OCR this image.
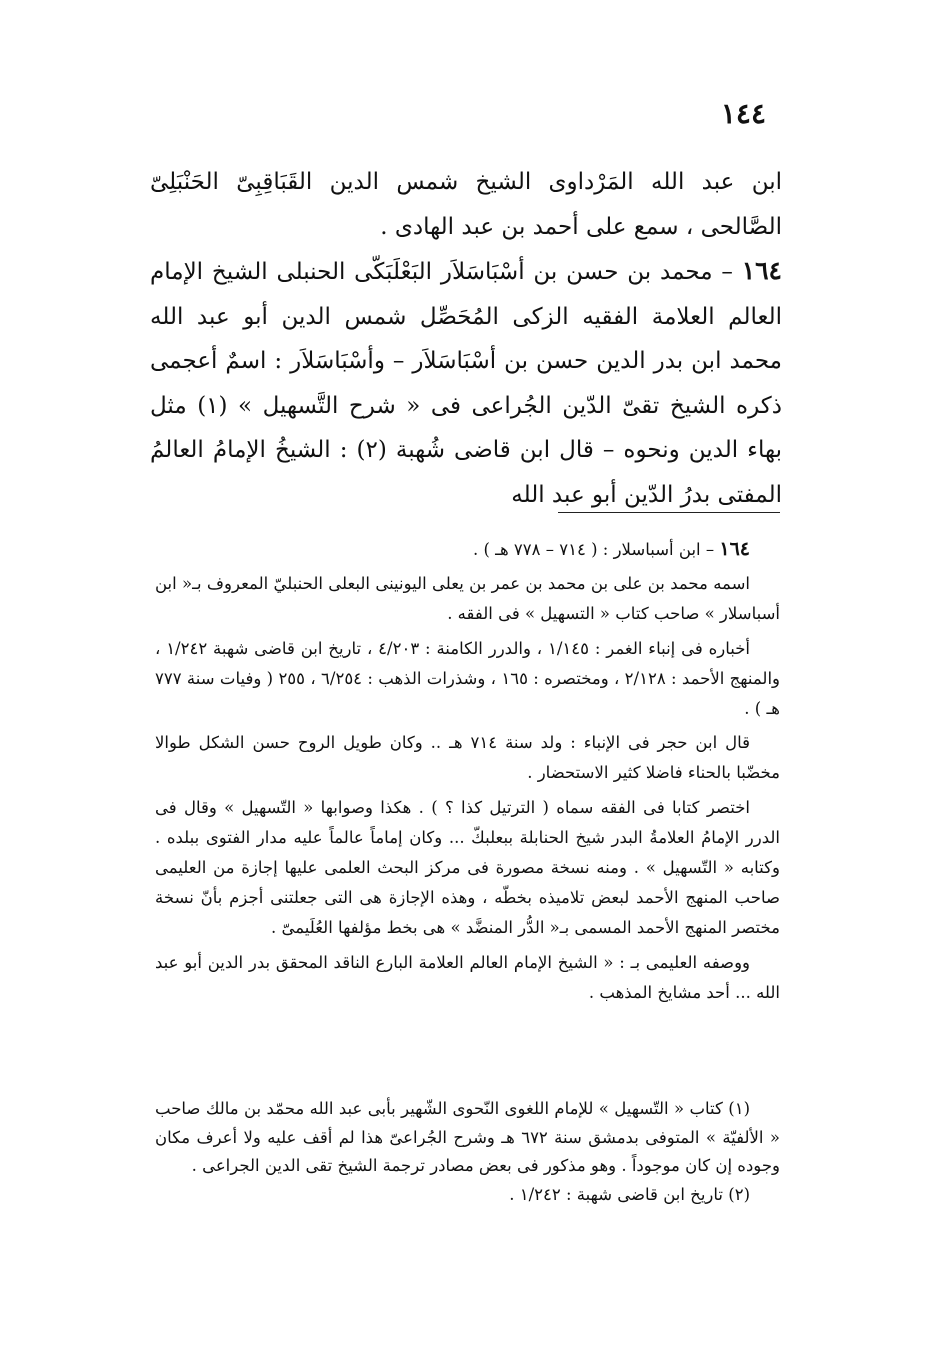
١٤٤

ابن عبد الله المَرْداوى الشيخ شمس الدين القَبَاقِبِىّ الحَنْبَلِىّ الصَّالحى ، سمع على أحمد بن عبد الهادى .

١٦٤ – محمد بن حسن بن أسْبَاسَلاَر البَعْلَبَكّى الحنبلى الشيخ الإمام العالم العلامة الفقيه الزكى المُحَصِّل شمس الدين أبو عبد الله محمد ابن بدر الدين حسن بن أسْبَاسَلاَر – وأسْبَاسَلاَر : اسمٌ أعجمى ذكره الشيخ تقىّ الدّين الجُراعى فى « شرح التَّسهيل » (١) مثل بهاء الدين ونحوه – قال ابن قاضى شُهبة (٢) : الشيخُ الإمامُ العالمُ المفتى بدرُ الدّين أبو عبد الله

١٦٤ – ابن أسباسلار : ( ٧١٤ – ٧٧٨ هـ ) .

اسمه محمد بن على بن محمد بن عمر بن يعلى اليونينى البعلى الحنبليّ المعروف بـ« ابن أسباسلار » صاحب كتاب « التسهيل » فى الفقه .

أخباره فى إنباء الغمر : ١/١٤٥ ، والدرر الكامنة : ٤/٢٠٣ ، تاريخ ابن قاضى شهبة ١/٢٤٢ ، والمنهج الأحمد : ٢/١٢٨ ، ومختصره : ١٦٥ ، وشذرات الذهب : ٦/٢٥٤ ، ٢٥٥ ( وفيات سنة ٧٧٧ هـ ) .

قال ابن حجر فى الإنباء : ولد سنة ٧١٤ هـ .. وكان طويل الروح حسن الشكل طوالا مخضّبا بالحناء فاضلا كثير الاستحضار .

اختصر كتابا فى الفقه سماه ( الترتيل كذا ؟ ) . هكذا وصوابها « التّسهيل » وقال فى الدرر الإمامُ العلامةُ البدر شيخ الحنابلة ببعلبكّ ... وكان إماماً عالماً عليه مدار الفتوى ببلده . وكتابه « التّسهيل » . ومنه نسخة مصورة فى مركز البحث العلمى عليها إجازة من العليمى صاحب المنهج الأحمد لبعض تلاميذه بخطّه ، وهذه الإجازة هى التى جعلتنى أجزم بأنّ نسخة مختصر المنهج الأحمد المسمى بـ« الدُّر المنضَّد » هى بخط مؤلفها العُلَيمىّ .

ووصفه العليمى بـ : « الشيخ الإمام العالم العلامة البارع الناقد المحقق بدر الدين أبو عبد الله ... أحد مشايخ المذهب .

(١) كتاب « التّسهيل » للإمام اللغوى النّحوى الشّهير بأبى عبد الله محمّد بن مالك صاحب « الألفيّة » المتوفى بدمشق سنة ٦٧٢ هـ وشرح الجُراعىّ هذا لم أقف عليه ولا أعرف مكان وجوده إن كان موجوداً . وهو مذكور فى بعض مصادر ترجمة الشيخ تقى الدين الجراعى .

(٢) تاريخ ابن قاضى شهبة : ١/٢٤٢ .
